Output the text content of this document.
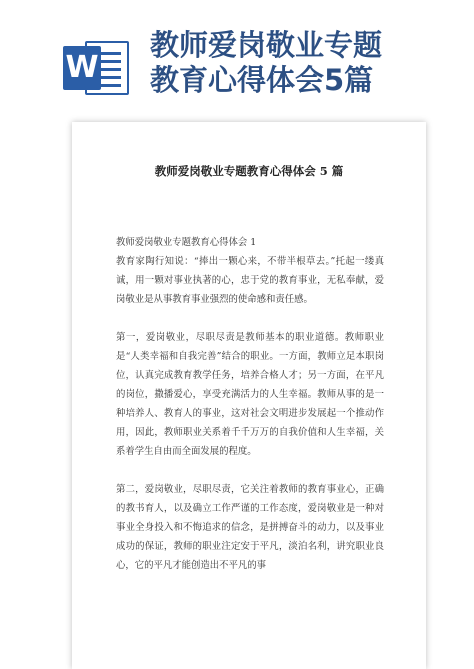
W
教师爱岗敬业专题
教育心得体会5篇
教师爱岗敬业专题教育心得体会 5 篇

教师爱岗敬业专题教育心得体会 1

教育家陶行知说：“捧出一颗心来，不带半根草去。”托起一缕真诚，用一颗对事业执著的心，忠于党的教育事业，无私奉献，爱岗敬业是从事教育事业强烈的使命感和责任感。

第一，爱岗敬业，尽职尽责是教师基本的职业道德。教师职业是“人类幸福和自我完善”结合的职业。一方面，教师立足本职岗位，认真完成教育教学任务，培养合格人才；另一方面，在平凡的岗位，撒播爱心，享受充满活力的人生幸福。教师从事的是一种培养人、教育人的事业，这对社会文明进步发展起一个推动作用，因此，教师职业关系着千千万万的自我价值和人生幸福，关系着学生自由而全面发展的程度。

第二，爱岗敬业，尽职尽责，它关注着教师的教育事业心，正确的教书育人，以及确立工作严谨的工作态度，爱岗敬业是一种对事业全身投入和不悔追求的信念，是拼搏奋斗的动力，以及事业成功的保证，教师的职业注定安于平凡，淡泊名利，讲究职业良心，它的平凡才能创造出不平凡的事
